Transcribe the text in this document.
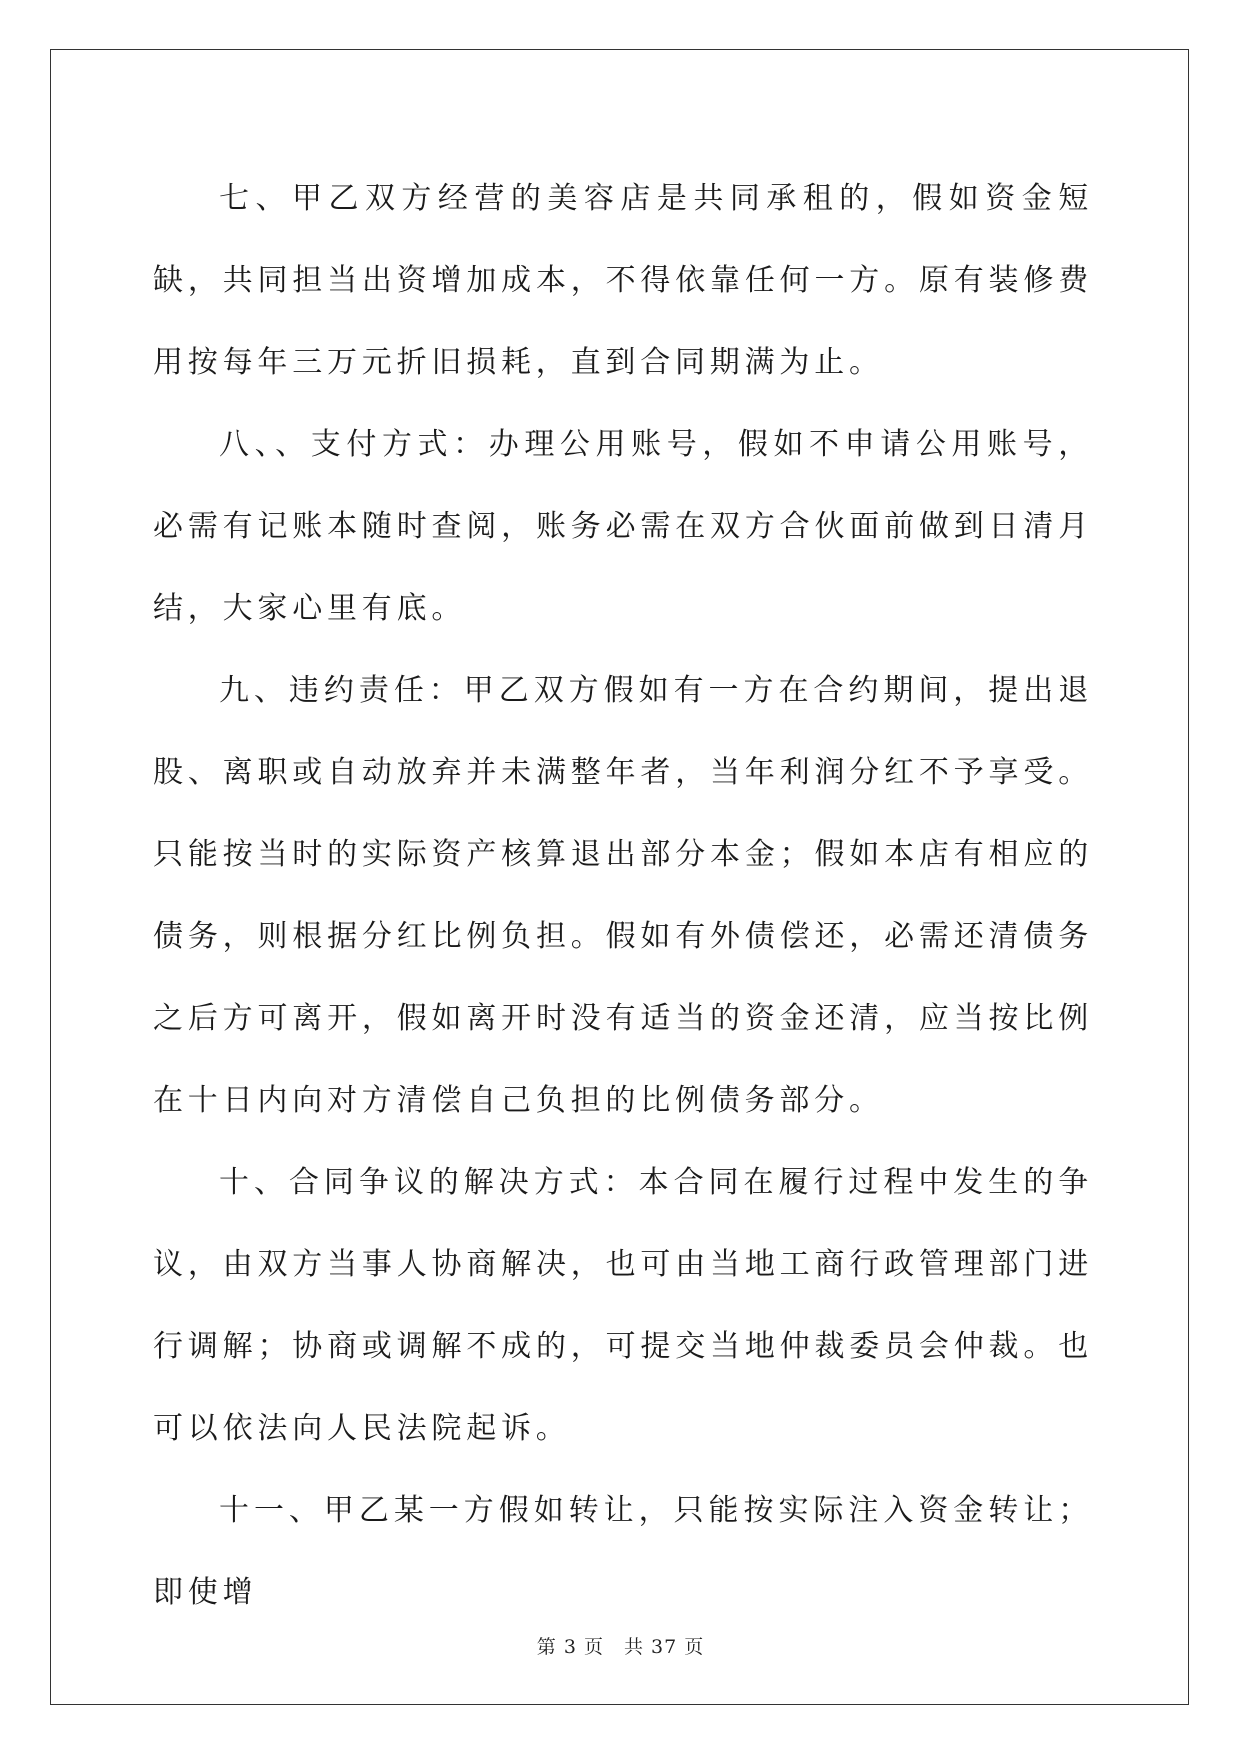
七、甲乙双方经营的美容店是共同承租的，假如资金短缺，共同担当出资增加成本，不得依靠任何一方。原有装修费用按每年三万元折旧损耗，直到合同期满为止。

八、、支付方式：办理公用账号，假如不申请公用账号，必需有记账本随时查阅，账务必需在双方合伙面前做到日清月结，大家心里有底。

九、违约责任：甲乙双方假如有一方在合约期间，提出退股、离职或自动放弃并未满整年者，当年利润分红不予享受。只能按当时的实际资产核算退出部分本金；假如本店有相应的债务，则根据分红比例负担。假如有外债偿还，必需还清债务之后方可离开，假如离开时没有适当的资金还清，应当按比例在十日内向对方清偿自己负担的比例债务部分。

十、合同争议的解决方式：本合同在履行过程中发生的争议，由双方当事人协商解决，也可由当地工商行政管理部门进行调解；协商或调解不成的，可提交当地仲裁委员会仲裁。也可以依法向人民法院起诉。

十一、甲乙某一方假如转让，只能按实际注入资金转让；即使增

第 3 页　共 37 页
